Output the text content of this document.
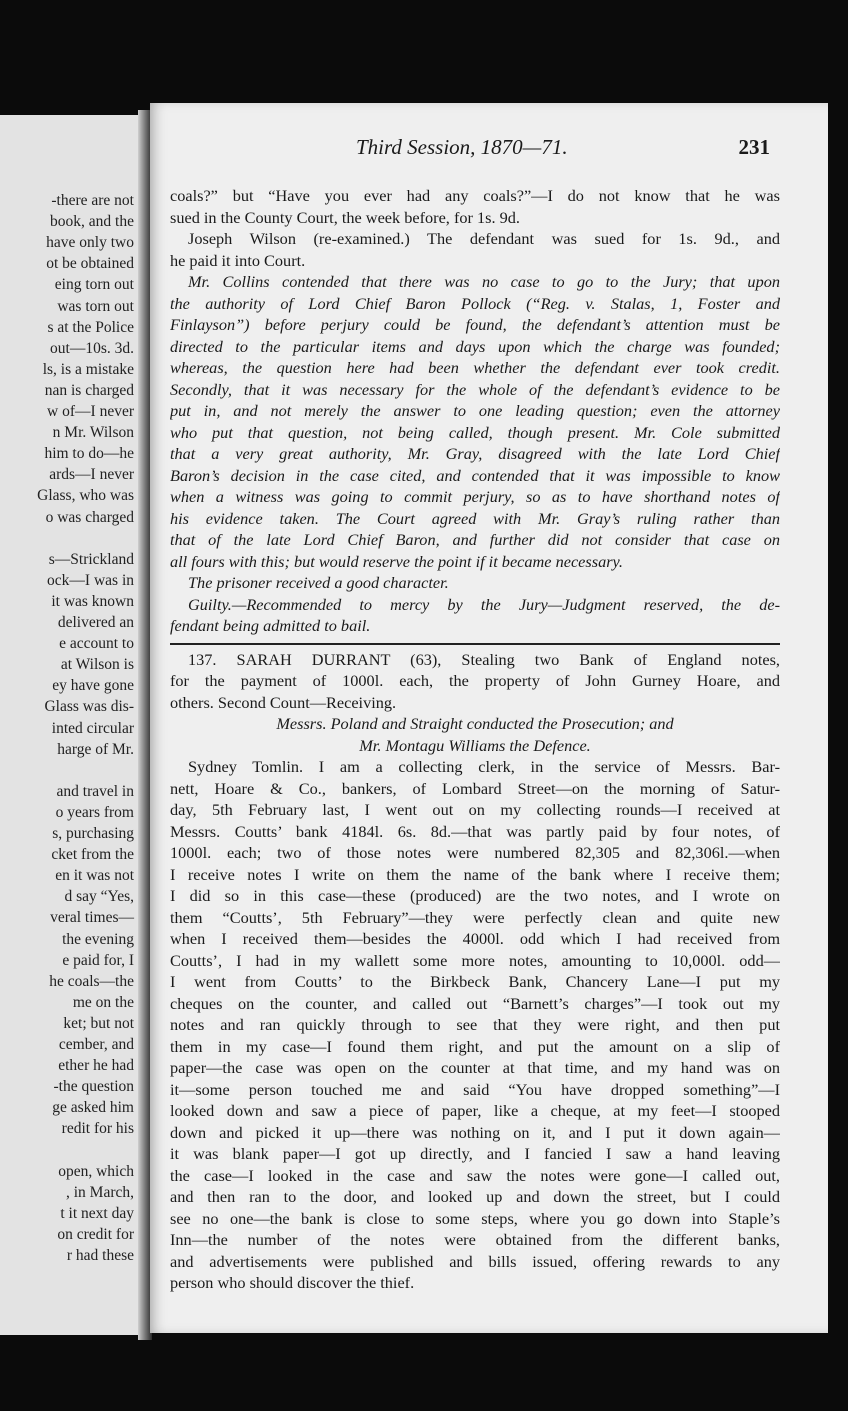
-there are not
book, and the
have only two
ot be obtained
eing torn out
was torn out
s at the Police
out—10s. 3d.
ls, is a mistake
nan is charged
w of—I never
n Mr. Wilson
him to do—he
ards—I never
Glass, who was
o was charged
s—Strickland
ock—I was in
it was known
delivered an
e account to
at Wilson is
ey have gone
Glass was dis-
inted circular
harge of Mr.
and travel in
o years from
s, purchasing
cket from the
en it was not
d say “Yes,
veral times—
the evening
e paid for, I
he coals—the
me on the
ket; but not
cember, and
ether he had
-the question
ge asked him
redit for his
open, which
, in March,
t it next day
on credit for
r had these
Third Session, 1870—71.	231
coals?” but “Have you ever had any coals?”—I do not know that he was
sued in the County Court, the week before, for 1s. 9d.
Joseph Wilson (re-examined.) The defendant was sued for 1s. 9d., and
he paid it into Court.
Mr. Collins contended that there was no case to go to the Jury; that upon
the authority of Lord Chief Baron Pollock (“Reg. v. Stalas, 1, Foster and
Finlayson”) before perjury could be found, the defendant’s attention must be
directed to the particular items and days upon which the charge was founded;
whereas, the question here had been whether the defendant ever took credit.
Secondly, that it was necessary for the whole of the defendant’s evidence to be
put in, and not merely the answer to one leading question; even the attorney
who put that question, not being called, though present. Mr. Cole submitted
that a very great authority, Mr. Gray, disagreed with the late Lord Chief
Baron’s decision in the case cited, and contended that it was impossible to know
when a witness was going to commit perjury, so as to have shorthand notes of
his evidence taken. The Court agreed with Mr. Gray’s ruling rather than
that of the late Lord Chief Baron, and further did not consider that case on
all fours with this; but would reserve the point if it became necessary.
The prisoner received a good character.
Guilty.—Recommended to mercy by the Jury—Judgment reserved, the de-
fendant being admitted to bail.
137. SARAH DURRANT (63), Stealing two Bank of England notes,
for the payment of 1000l. each, the property of John Gurney Hoare, and
others. Second Count—Receiving.
Messrs. Poland and Straight conducted the Prosecution; and
Mr. Montagu Williams the Defence.
Sydney Tomlin. I am a collecting clerk, in the service of Messrs. Bar-
nett, Hoare & Co., bankers, of Lombard Street—on the morning of Satur-
day, 5th February last, I went out on my collecting rounds—I received at
Messrs. Coutts’ bank 4184l. 6s. 8d.—that was partly paid by four notes, of
1000l. each; two of those notes were numbered 82,305 and 82,306l.—when
I receive notes I write on them the name of the bank where I receive them;
I did so in this case—these (produced) are the two notes, and I wrote on
them “Coutts’, 5th February”—they were perfectly clean and quite new
when I received them—besides the 4000l. odd which I had received from
Coutts’, I had in my wallett some more notes, amounting to 10,000l. odd—
I went from Coutts’ to the Birkbeck Bank, Chancery Lane—I put my
cheques on the counter, and called out “Barnett’s charges”—I took out my
notes and ran quickly through to see that they were right, and then put
them in my case—I found them right, and put the amount on a slip of
paper—the case was open on the counter at that time, and my hand was on
it—some person touched me and said “You have dropped something”—I
looked down and saw a piece of paper, like a cheque, at my feet—I stooped
down and picked it up—there was nothing on it, and I put it down again—
it was blank paper—I got up directly, and I fancied I saw a hand leaving
the case—I looked in the case and saw the notes were gone—I called out,
and then ran to the door, and looked up and down the street, but I could
see no one—the bank is close to some steps, where you go down into Staple’s
Inn—the number of the notes were obtained from the different banks,
and advertisements were published and bills issued, offering rewards to any
person who should discover the thief.
